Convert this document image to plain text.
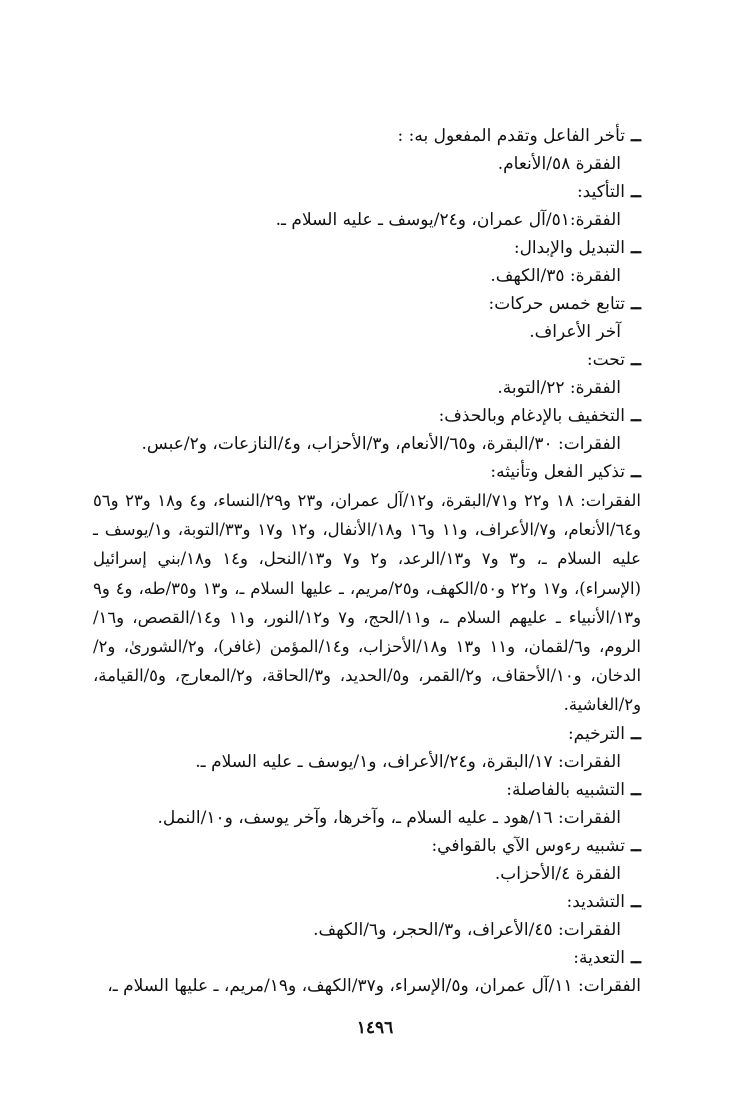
ــتأخر الفاعل وتقدم المفعول به: :
الفقرة ٥٨/الأنعام.
ــالتأكيد:
الفقرة:٥١/آل عمران، و٢٤/يوسف ـ عليه السلام ـ.
ــالتبديل والإبدال:
الفقرة: ٣٥/الكهف.
ــتتابع خمس حركات:
آخر الأعراف.
ــتحت:
الفقرة: ٢٢/التوبة.
ــالتخفيف بالإدغام وبالحذف:
الفقرات: ٣٠/البقرة، و٦٥/الأنعام، و٣/الأحزاب، و٤/النازعات، و٢/عبس.
ــتذكير الفعل وتأنيثه:
الفقرات: ١٨ و٢٢ و٧١/البقرة، و١٢/آل عمران، و٢٣ و٢٩/النساء، و٤ و١٨ و٢٣ و٥٦ و٦٤/الأنعام، و٧/الأعراف، و١١ و١٦ و١٨/الأنفال، و١٢ و١٧ و٣٣/التوبة، و١/يوسف ـ عليه السلام ـ، و٣ و٧ و١٣/الرعد، و٢ و٧ و١٣/النحل، و١٤ و١٨/بني إسرائيل (الإسراء)، و١٧ و٢٢ و٥٠/الكهف، و٢٥/مريم، ـ عليها السلام ـ، و١٣ و٣٥/طه، و٤ و٩ و١٣/الأنبياء ـ عليهم السلام ـ، و١١/الحج، و٧ و١٢/النور، و١١ و١٤/القصص، و١٦/الروم، و٦/لقمان، و١١ و١٣ و١٨/الأحزاب، و١٤/المؤمن (غافر)، و٢/الشورىٰ، و٢/الدخان، و١٠/الأحقاف، و٢/القمر، و٥/الحديد، و٣/الحاقة، و٢/المعارج، و٥/القيامة، و٢/الغاشية.
ــالترخيم:
الفقرات: ١٧/البقرة، و٢٤/الأعراف، و١/يوسف ـ عليه السلام ـ.
ــالتشبيه بالفاصلة:
الفقرات: ١٦/هود ـ عليه السلام ـ، وآخرها، وآخر يوسف، و١٠/النمل.
ــتشبيه رءوس الآي بالقوافي:
الفقرة ٤/الأحزاب.
ــالتشديد:
الفقرات: ٤٥/الأعراف، و٣/الحجر، و٦/الكهف.
ــالتعدية:
الفقرات: ١١/آل عمران، و٥/الإسراء، و٣٧/الكهف، و١٩/مريم، ـ عليها السلام ـ،
١٤٩٦
